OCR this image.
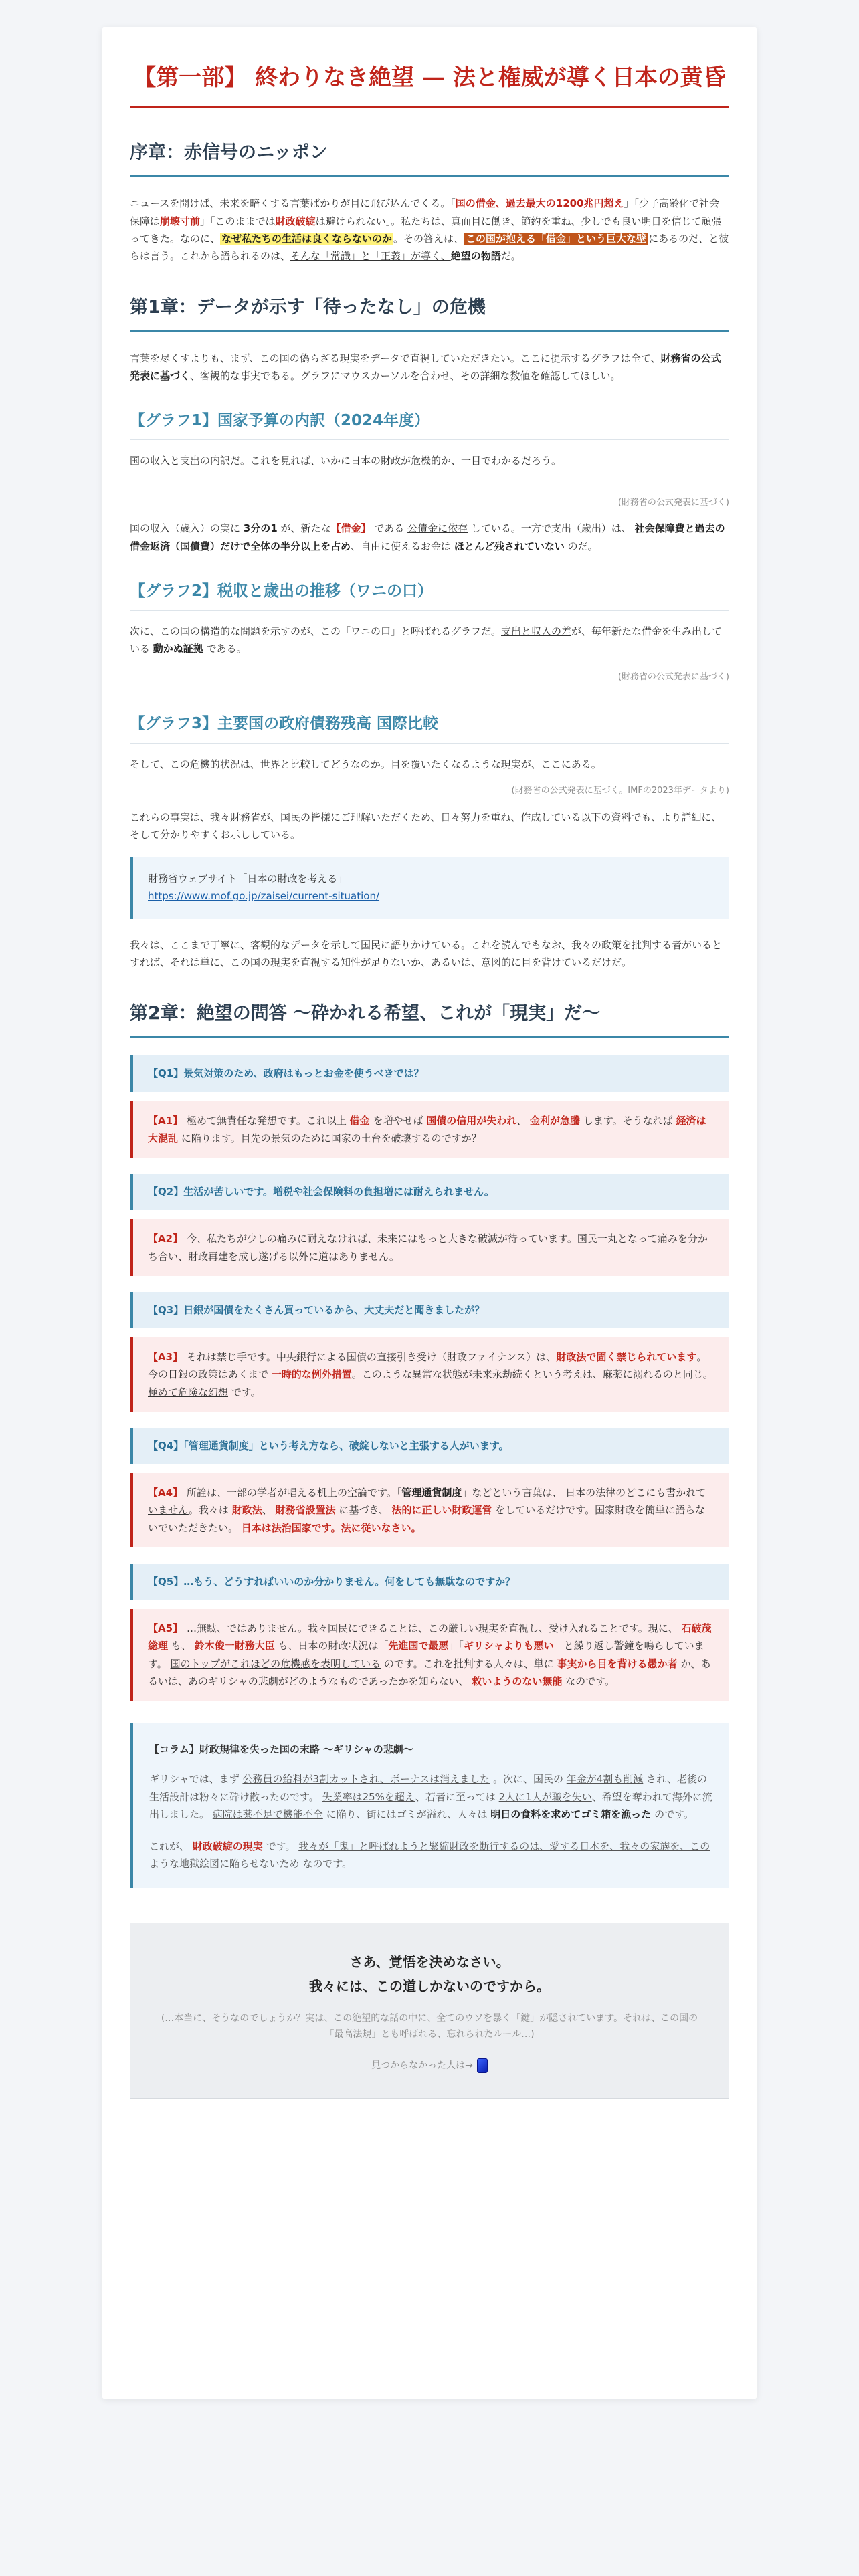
【第一部】 終わりなき絶望 — 法と権威が導く日本の黄昏
序章：赤信号のニッポン

ニュースを開けば、未来を暗くする言葉ばかりが目に飛び込んでくる。「国の借金、過去最大の1200兆円超え」「少子高齢化で社会保障は崩壊寸前」「このままでは財政破綻は避けられない」。私たちは、真面目に働き、節約を重ね、少しでも良い明日を信じて頑張ってきた。なのに、 なぜ私たちの生活は良くならないのか 。その答えは、 この国が抱える「借金」という巨大な壁 にあるのだ、と彼らは言う。これから語られるのは、そんな「常識」と「正義」が導く、絶望の物語だ。

第1章：データが示す「待ったなし」の危機

言葉を尽くすよりも、まず、この国の偽らざる現実をデータで直視していただきたい。ここに提示するグラフは全て、財務省の公式発表に基づく、客観的な事実である。グラフにマウスカーソルを合わせ、その詳細な数値を確認してほしい。

【グラフ1】国家予算の内訳（2024年度）

国の収入と支出の内訳だ。これを見れば、いかに日本の財政が危機的か、一目でわかるだろう。

(財務省の公式発表に基づく)

国の収入（歳入）の実に 3分の1 が、新たな【借金】 である 公債金に依存 している。一方で支出（歳出）は、 社会保障費と過去の借金返済（国債費）だけで全体の半分以上を占め、自由に使えるお金は ほとんど残されていない のだ。

【グラフ2】税収と歳出の推移（ワニの口）

次に、この国の構造的な問題を示すのが、この「ワニの口」と呼ばれるグラフだ。支出と収入の差が、毎年新たな借金を生み出している 動かぬ証拠 である。

(財務省の公式発表に基づく)
【グラフ3】主要国の政府債務残高 国際比較

そして、この危機的状況は、世界と比較してどうなのか。目を覆いたくなるような現実が、ここにある。

(財務省の公式発表に基づく。IMFの2023年データより)

これらの事実は、我々財務省が、国民の皆様にご理解いただくため、日々努力を重ね、作成している以下の資料でも、より詳細に、そして分かりやすくお示ししている。

財務省ウェブサイト「日本の財政を考える」
https://www.mof.go.jp/zaisei/current-situation/

我々は、ここまで丁寧に、客観的なデータを示して国民に語りかけている。これを読んでもなお、我々の政策を批判する者がいるとすれば、それは単に、この国の現実を直視する知性が足りないか、あるいは、意図的に目を背けているだけだ。

第2章：絶望の問答 〜砕かれる希望、これが「現実」だ〜
【Q1】景気対策のため、政府はもっとお金を使うべきでは？
【A1】 極めて無責任な発想です。これ以上 借金 を増やせば 国債の信用が失われ、 金利が急騰 します。そうなれば 経済は大混乱 に陥ります。目先の景気のために国家の土台を破壊するのですか？
【Q2】生活が苦しいです。増税や社会保険料の負担増には耐えられません。
【A2】 今、私たちが少しの痛みに耐えなければ、未来にはもっと大きな破滅が待っています。国民一丸となって痛みを分かち合い、財政再建を成し遂げる以外に道はありません。
【Q3】日銀が国債をたくさん買っているから、大丈夫だと聞きましたが？
【A3】 それは禁じ手です。中央銀行による国債の直接引き受け（財政ファイナンス）は、財政法で固く禁じられています。今の日銀の政策はあくまで 一時的な例外措置。このような異常な状態が未来永劫続くという考えは、麻薬に溺れるのと同じ。 極めて危険な幻想 です。
【Q4】「管理通貨制度」という考え方なら、破綻しないと主張する人がいます。
【A4】 所詮は、一部の学者が唱える机上の空論です。「管理通貨制度」などという言葉は、 日本の法律のどこにも書かれていません。我々は 財政法、 財務省設置法 に基づき、 法的に正しい財政運営 をしているだけです。国家財政を簡単に語らないでいただきたい。 日本は法治国家です。法に従いなさい。
【Q5】…もう、どうすればいいのか分かりません。何をしても無駄なのですか？
【A5】 …無駄、ではありません。我々国民にできることは、この厳しい現実を直視し、受け入れることです。現に、 石破茂総理 も、 鈴木俊一財務大臣 も、日本の財政状況は「先進国で最悪」「ギリシャよりも悪い」と繰り返し警鐘を鳴らしています。 国のトップがこれほどの危機感を表明している のです。これを批判する人々は、単に 事実から目を背ける愚か者 か、あるいは、あのギリシャの悲劇がどのようなものであったかを知らない、 救いようのない無能 なのです。
【コラム】財政規律を失った国の末路 〜ギリシャの悲劇〜

ギリシャでは、まず 公務員の給料が3割カットされ、ボーナスは消えました 。次に、国民の 年金が4割も削減 され、老後の生活設計は粉々に砕け散ったのです。 失業率は25%を超え、若者に至っては 2人に1人が職を失い、希望を奪われて海外に流出しました。 病院は薬不足で機能不全 に陥り、街にはゴミが溢れ、人々は 明日の食料を求めてゴミ箱を漁った のです。

これが、 財政破綻の現実 です。 我々が「鬼」と呼ばれようと緊縮財政を断行するのは、愛する日本を、我々の家族を、このような地獄絵図に陥らせないため なのです。

さあ、覚悟を決めなさい。
我々には、この道しかないのですから。
(…本当に、そうなのでしょうか？実は、この絶望的な話の中に、全てのウソを暴く「鍵」が隠されています。それは、この国の「最高法規」とも呼ばれる、忘れられたルール…)
見つからなかった人は→
